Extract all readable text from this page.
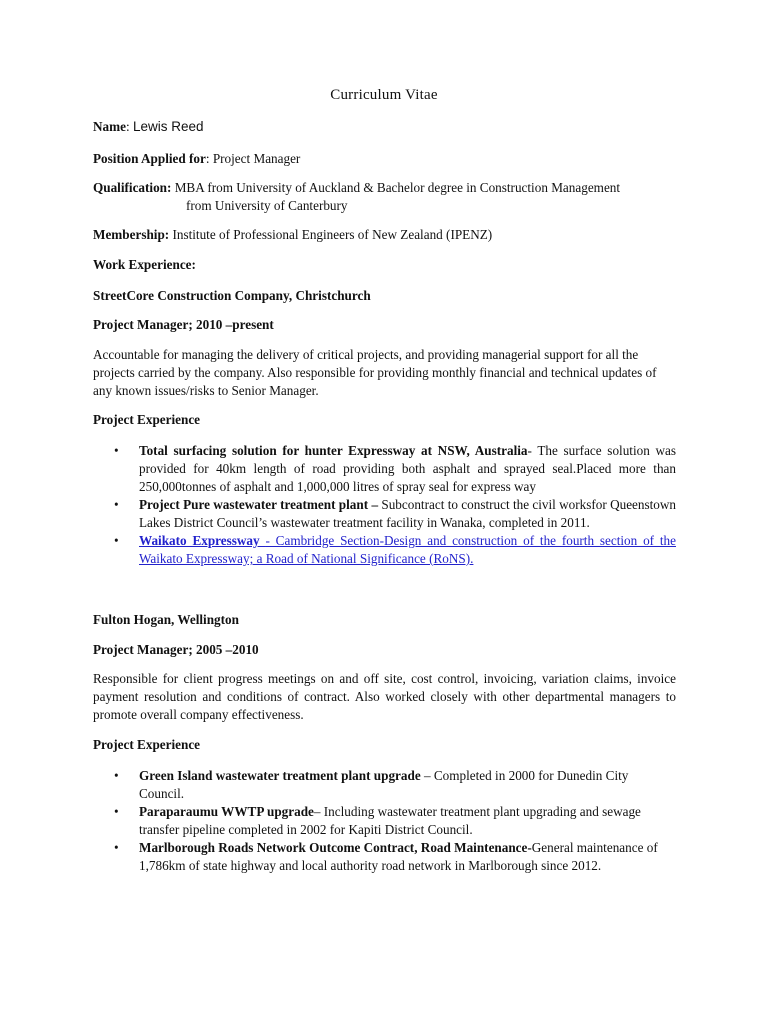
Curriculum Vitae
Name: Lewis Reed
Position Applied for: Project Manager
Qualification: MBA from University of Auckland & Bachelor degree in Construction Management
from University of Canterbury
Membership: Institute of Professional Engineers of New Zealand (IPENZ)
Work Experience:
StreetCore Construction Company, Christchurch
Project Manager; 2010 –present
Accountable for managing the delivery of critical projects, and providing managerial support for all the projects carried by the company. Also responsible for providing monthly financial and technical updates of any known issues/risks to Senior Manager.
Project Experience
• Total surfacing solution for hunter Expressway at NSW, Australia- The surface solution was provided for 40km length of road providing both asphalt and sprayed seal.Placed more than 250,000tonnes of asphalt and 1,000,000 litres of spray seal for express way
• Project Pure wastewater treatment plant – Subcontract to construct the civil worksfor Queenstown Lakes District Council’s wastewater treatment facility in Wanaka, completed in 2011.
• Waikato Expressway - Cambridge Section-Design and construction of the fourth section of the Waikato Expressway; a Road of National Significance (RoNS).
Fulton Hogan, Wellington
Project Manager; 2005 –2010
Responsible for client progress meetings on and off site, cost control, invoicing, variation claims, invoice payment resolution and conditions of contract. Also worked closely with other departmental managers to promote overall company effectiveness.
Project Experience
• Green Island wastewater treatment plant upgrade – Completed in 2000 for Dunedin City Council.
• Paraparaumu WWTP upgrade– Including wastewater treatment plant upgrading and sewage transfer pipeline completed in 2002 for Kapiti District Council.
• Marlborough Roads Network Outcome Contract, Road Maintenance-General maintenance of 1,786km of state highway and local authority road network in Marlborough since 2012.
